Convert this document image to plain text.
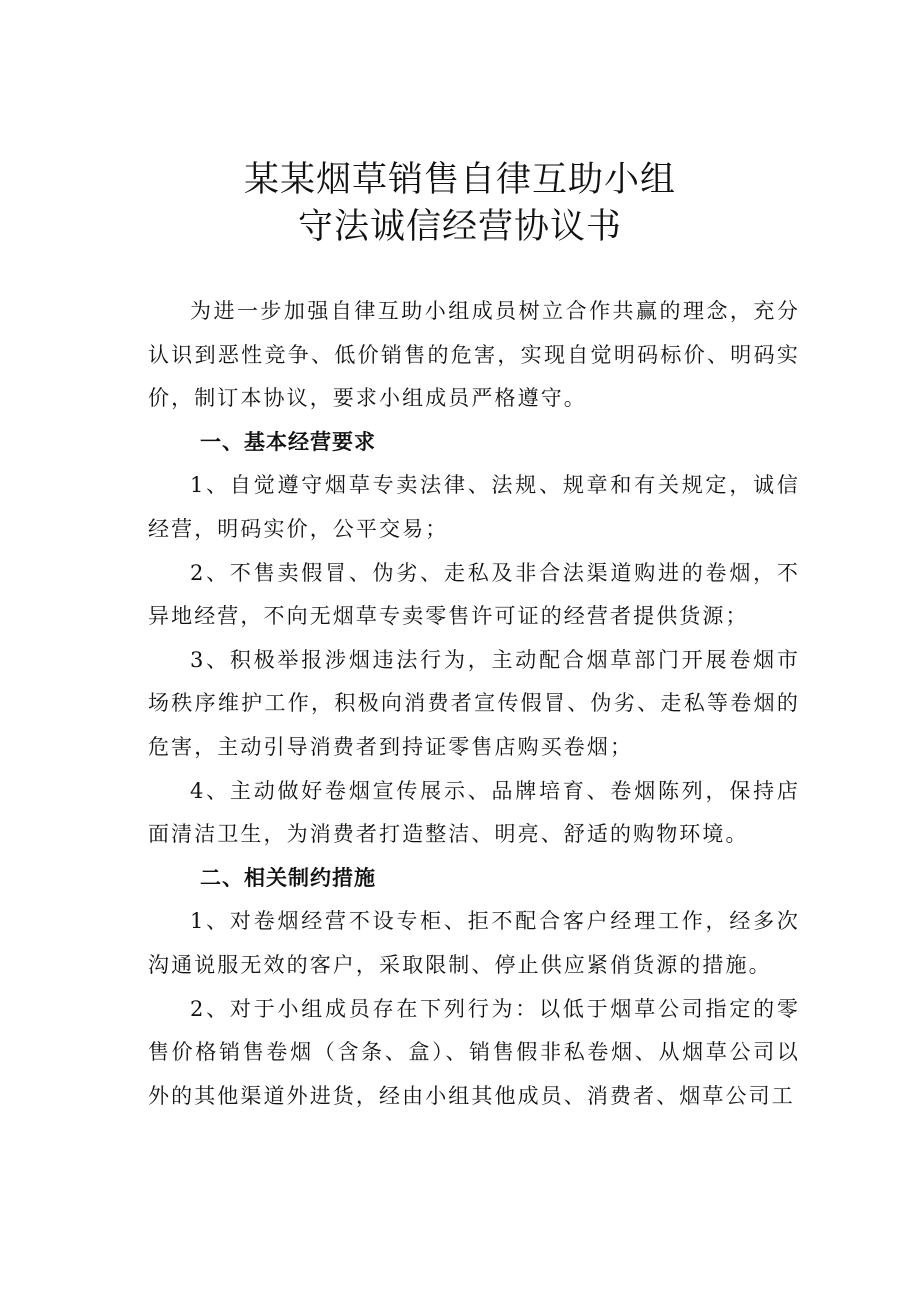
某某烟草销售自律互助小组
守法诚信经营协议书

为进一步加强自律互助小组成员树立合作共赢的理念，充分认识到恶性竞争、低价销售的危害，实现自觉明码标价、明码实价，制订本协议，要求小组成员严格遵守。

一、基本经营要求

1、自觉遵守烟草专卖法律、法规、规章和有关规定，诚信经营，明码实价，公平交易；

2、不售卖假冒、伪劣、走私及非合法渠道购进的卷烟，不异地经营，不向无烟草专卖零售许可证的经营者提供货源；

3、积极举报涉烟违法行为，主动配合烟草部门开展卷烟市场秩序维护工作，积极向消费者宣传假冒、伪劣、走私等卷烟的危害，主动引导消费者到持证零售店购买卷烟；

4、主动做好卷烟宣传展示、品牌培育、卷烟陈列，保持店面清洁卫生，为消费者打造整洁、明亮、舒适的购物环境。

二、相关制约措施

1、对卷烟经营不设专柜、拒不配合客户经理工作，经多次沟通说服无效的客户，采取限制、停止供应紧俏货源的措施。

2、对于小组成员存在下列行为：以低于烟草公司指定的零售价格销售卷烟（含条、盒）、销售假非私卷烟、从烟草公司以外的其他渠道外进货，经由小组其他成员、消费者、烟草公司工
